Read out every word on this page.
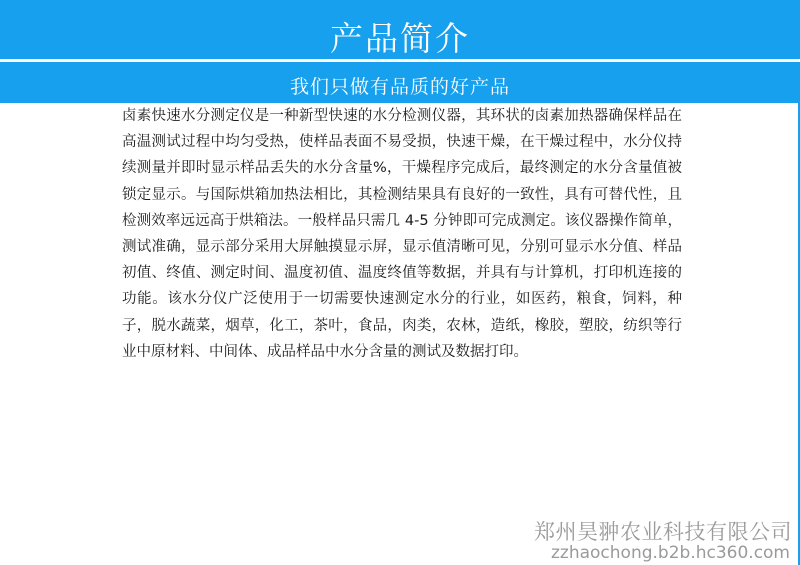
产品简介
我们只做有品质的好产品

卤素快速水分测定仪是一种新型快速的水分检测仪器，其环状的卤素加热器确保样品在高温测试过程中均匀受热，使样品表面不易受损，快速干燥，在干燥过程中，水分仪持续测量并即时显示样品丢失的水分含量%，干燥程序完成后，最终测定的水分含量值被锁定显示。与国际烘箱加热法相比，其检测结果具有良好的一致性，具有可替代性，且检测效率远远高于烘箱法。一般样品只需几 4-5 分钟即可完成测定。该仪器操作简单，测试准确，显示部分采用大屏触摸显示屏，显示值清晰可见，分别可显示水分值、样品初值、终值、测定时间、温度初值、温度终值等数据，并具有与计算机，打印机连接的功能。该水分仪广泛使用于一切需要快速测定水分的行业，如医药，粮食，饲料，种子，脱水蔬菜，烟草，化工，茶叶，食品，肉类，农林，造纸，橡胶，塑胶，纺织等行业中原材料、中间体、成品样品中水分含量的测试及数据打印。

郑州昊翀农业科技有限公司
zzhaochong.b2b.hc360.com
